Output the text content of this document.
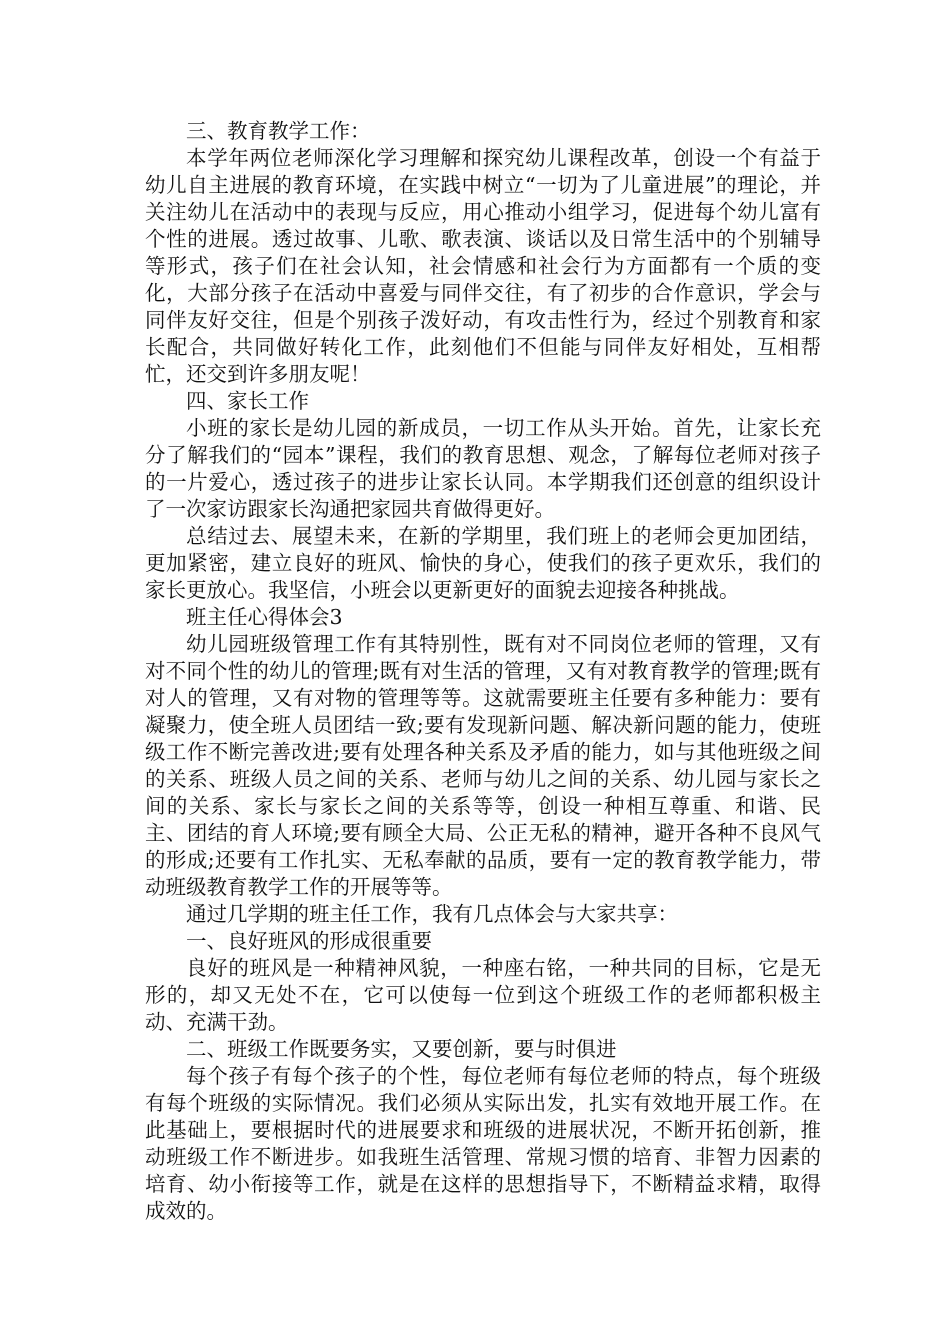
三、教育教学工作：

本学年两位老师深化学习理解和探究幼儿课程改革，创设一个有益于幼儿自主进展的教育环境，在实践中树立“一切为了儿童进展”的理论，并关注幼儿在活动中的表现与反应，用心推动小组学习，促进每个幼儿富有个性的进展。透过故事、儿歌、歌表演、谈话以及日常生活中的个别辅导等形式，孩子们在社会认知，社会情感和社会行为方面都有一个质的变化，大部分孩子在活动中喜爱与同伴交往，有了初步的合作意识，学会与同伴友好交往，但是个别孩子泼好动，有攻击性行为，经过个别教育和家长配合，共同做好转化工作，此刻他们不但能与同伴友好相处，互相帮忙，还交到许多朋友呢！

四、家长工作

小班的家长是幼儿园的新成员，一切工作从头开始。首先，让家长充分了解我们的“园本”课程，我们的教育思想、观念，了解每位老师对孩子的一片爱心，透过孩子的进步让家长认同。本学期我们还创意的组织设计了一次家访跟家长沟通把家园共育做得更好。

总结过去、展望未来，在新的学期里，我们班上的老师会更加团结，更加紧密，建立良好的班风、愉快的身心，使我们的孩子更欢乐，我们的家长更放心。我坚信，小班会以更新更好的面貌去迎接各种挑战。

班主任心得体会3

幼儿园班级管理工作有其特别性，既有对不同岗位老师的管理，又有对不同个性的幼儿的管理;既有对生活的管理，又有对教育教学的管理;既有对人的管理，又有对物的管理等等。这就需要班主任要有多种能力：要有凝聚力，使全班人员团结一致;要有发现新问题、解决新问题的能力，使班级工作不断完善改进;要有处理各种关系及矛盾的能力，如与其他班级之间的关系、班级人员之间的关系、老师与幼儿之间的关系、幼儿园与家长之间的关系、家长与家长之间的关系等等，创设一种相互尊重、和谐、民主、团结的育人环境;要有顾全大局、公正无私的精神，避开各种不良风气的形成;还要有工作扎实、无私奉献的品质，要有一定的教育教学能力，带动班级教育教学工作的开展等等。

通过几学期的班主任工作，我有几点体会与大家共享：

一、良好班风的形成很重要

良好的班风是一种精神风貌，一种座右铭，一种共同的目标，它是无形的，却又无处不在，它可以使每一位到这个班级工作的老师都积极主动、充满干劲。

二、班级工作既要务实，又要创新，要与时俱进

每个孩子有每个孩子的个性，每位老师有每位老师的特点，每个班级有每个班级的实际情况。我们必须从实际出发，扎实有效地开展工作。在此基础上，要根据时代的进展要求和班级的进展状况，不断开拓创新，推动班级工作不断进步。如我班生活管理、常规习惯的培育、非智力因素的培育、幼小衔接等工作，就是在这样的思想指导下，不断精益求精，取得成效的。
